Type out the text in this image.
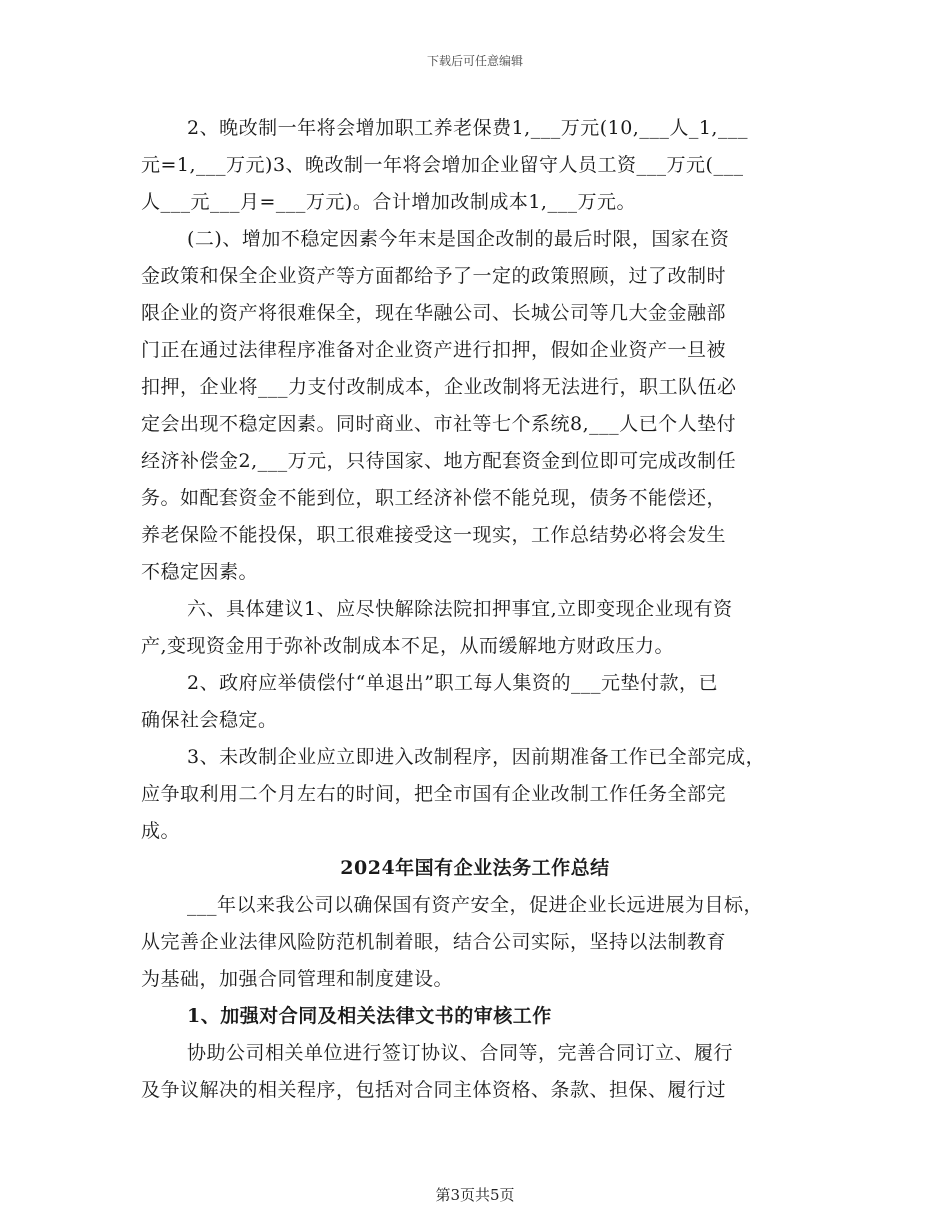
下载后可任意编辑
2、晚改制一年将会增加职工养老保费1,___万元(10,___人_1,___
元=1,___万元)3、晚改制一年将会增加企业留守人员工资___万元(___
人___元___月=___万元)。合计增加改制成本1,___万元。
(二)、增加不稳定因素今年末是国企改制的最后时限，国家在资
金政策和保全企业资产等方面都给予了一定的政策照顾，过了改制时
限企业的资产将很难保全，现在华融公司、长城公司等几大金金融部
门正在通过法律程序准备对企业资产进行扣押，假如企业资产一旦被
扣押，企业将___力支付改制成本，企业改制将无法进行，职工队伍必
定会出现不稳定因素。同时商业、市社等七个系统8,___人已个人垫付
经济补偿金2,___万元，只待国家、地方配套资金到位即可完成改制任
务。如配套资金不能到位，职工经济补偿不能兑现，债务不能偿还，
养老保险不能投保，职工很难接受这一现实，工作总结势必将会发生
不稳定因素。
六、具体建议1、应尽快解除法院扣押事宜,立即变现企业现有资
产,变现资金用于弥补改制成本不足，从而缓解地方财政压力。
2、政府应举债偿付“单退出”职工每人集资的___元垫付款，已
确保社会稳定。
3、未改制企业应立即进入改制程序，因前期准备工作已全部完成，
应争取利用二个月左右的时间，把全市国有企业改制工作任务全部完
成。
2024年国有企业法务工作总结
___年以来我公司以确保国有资产安全，促进企业长远进展为目标，
从完善企业法律风险防范机制着眼，结合公司实际，坚持以法制教育
为基础，加强合同管理和制度建设。
1、加强对合同及相关法律文书的审核工作
协助公司相关单位进行签订协议、合同等，完善合同订立、履行
及争议解决的相关程序，包括对合同主体资格、条款、担保、履行过
第3页共5页
